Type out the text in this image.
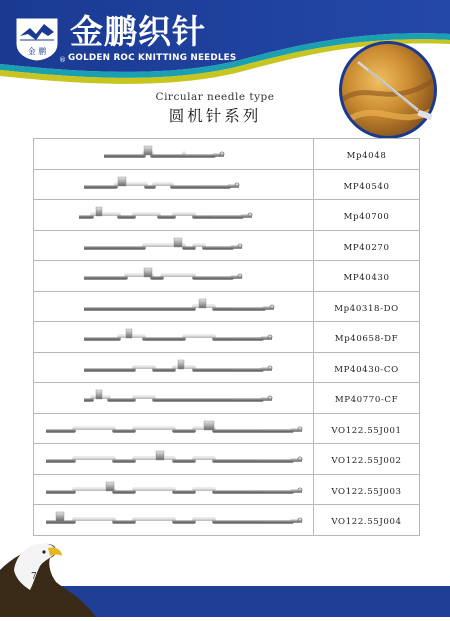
金 鹏
®
金鹏织针
GOLDEN ROC KNITTING NEEDLES
Circular needle type
圆机针系列
Mp4048
MP40540
Mp40700
MP40270
MP40430
Mp40318-DO
Mp40658-DF
MP40430-CO
MP40770-CF
VO122.55J001
VO122.55J002
VO122.55J003
VO122.55J004
7
